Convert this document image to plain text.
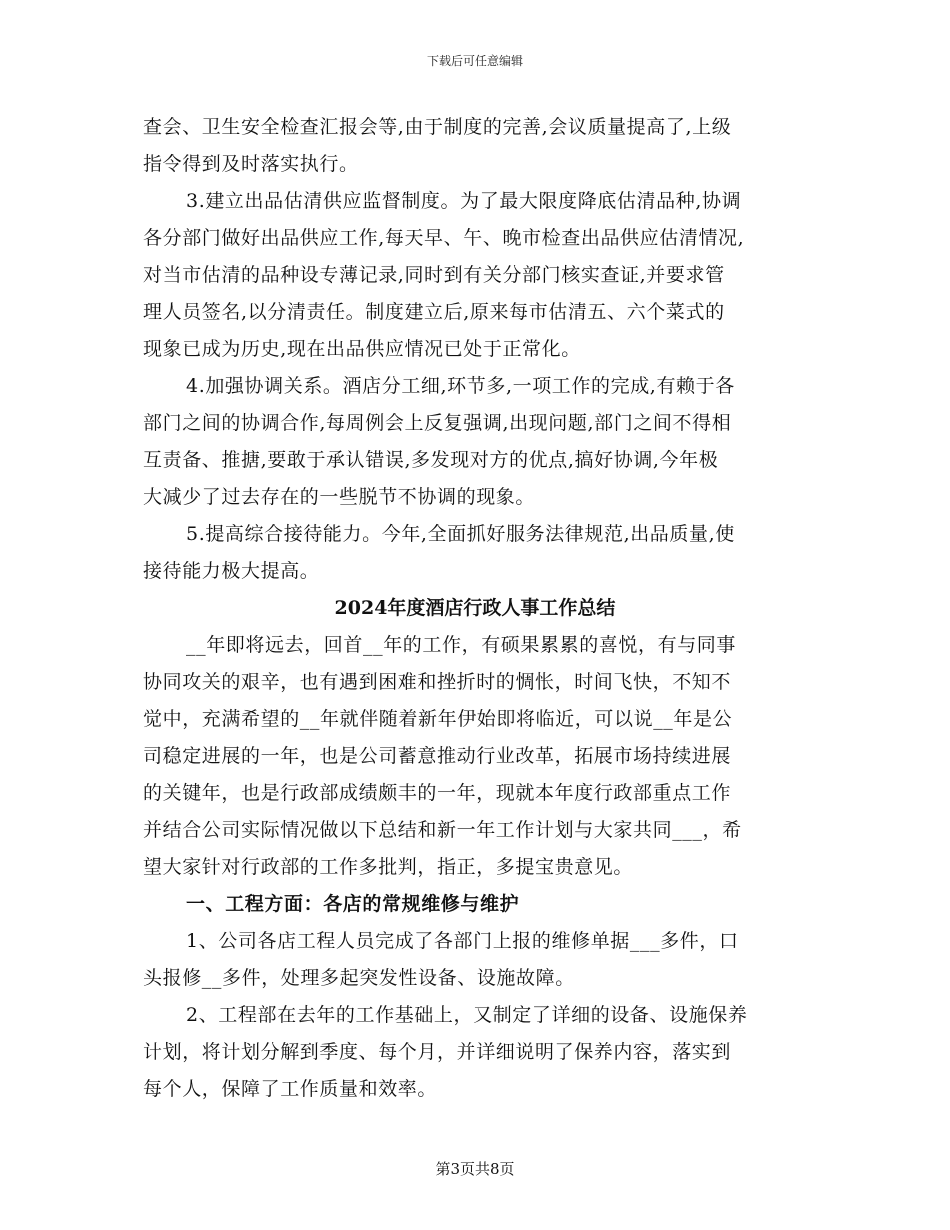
下载后可任意编辑
查会、卫生安全检查汇报会等,由于制度的完善,会议质量提高了,上级
指令得到及时落实执行。
3.建立出品估清供应监督制度。为了最大限度降底估清品种,协调
各分部门做好出品供应工作,每天早、午、晚市检查出品供应估清情况,
对当市估清的品种设专薄记录,同时到有关分部门核实查证,并要求管
理人员签名,以分清责任。制度建立后,原来每市估清五、六个菜式的
现象已成为历史,现在出品供应情况已处于正常化。
4.加强协调关系。酒店分工细,环节多,一项工作的完成,有赖于各
部门之间的协调合作,每周例会上反复强调,出现问题,部门之间不得相
互责备、推搪,要敢于承认错误,多发现对方的优点,搞好协调,今年极
大减少了过去存在的一些脱节不协调的现象。
5.提高综合接待能力。今年,全面抓好服务法律规范,出品质量,使
接待能力极大提高。
2024年度酒店行政人事工作总结
__年即将远去，回首__年的工作，有硕果累累的喜悦，有与同事
协同攻关的艰辛，也有遇到困难和挫折时的惆怅，时间飞快，不知不
觉中，充满希望的__年就伴随着新年伊始即将临近，可以说__年是公
司稳定进展的一年，也是公司蓄意推动行业改革，拓展市场持续进展
的关键年，也是行政部成绩颇丰的一年，现就本年度行政部重点工作
并结合公司实际情况做以下总结和新一年工作计划与大家共同___，希
望大家针对行政部的工作多批判，指正，多提宝贵意见。
一、工程方面：各店的常规维修与维护
1、公司各店工程人员完成了各部门上报的维修单据___多件，口
头报修__多件，处理多起突发性设备、设施故障。
2、工程部在去年的工作基础上，又制定了详细的设备、设施保养
计划，将计划分解到季度、每个月，并详细说明了保养内容，落实到
每个人，保障了工作质量和效率。
第3页共8页
